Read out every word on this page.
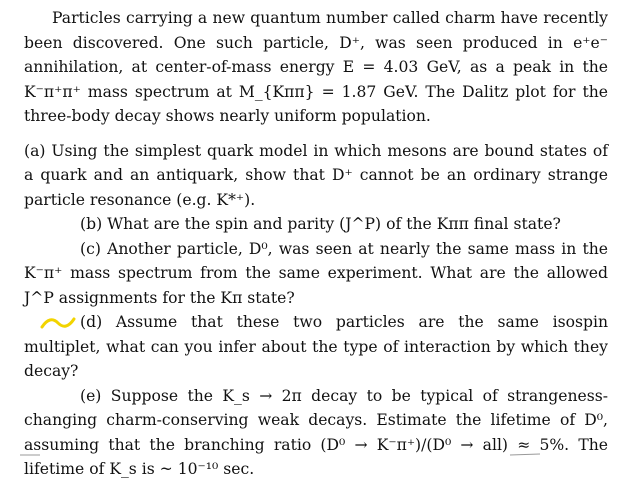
Particles carrying a new quantum number called charm have recently been discovered. One such particle, D⁺, was seen produced in e⁺e⁻ annihilation, at center-of-mass energy E = 4.03 GeV, as a peak in the K⁻π⁺π⁺ mass spectrum at M_{Kππ} = 1.87 GeV. The Dalitz plot for the three-body decay shows nearly uniform population.

(a) Using the simplest quark model in which mesons are bound states of a quark and an antiquark, show that D⁺ cannot be an ordinary strange particle resonance (e.g. K*⁺).

(b) What are the spin and parity (J^P) of the Kππ final state?

(c) Another particle, D⁰, was seen at nearly the same mass in the K⁻π⁺ mass spectrum from the same experiment. What are the allowed J^P assignments for the Kπ state?

(d) Assume that these two particles are the same isospin multiplet, what can you infer about the type of interaction by which they decay?

(e) Suppose the K_s → 2π decay to be typical of strangeness-changing charm-conserving weak decays. Estimate the lifetime of D⁰, assuming that the branching ratio (D⁰ → K⁻π⁺)/(D⁰ → all) ≈ 5%. The lifetime of K_s is ~ 10⁻¹⁰ sec.
